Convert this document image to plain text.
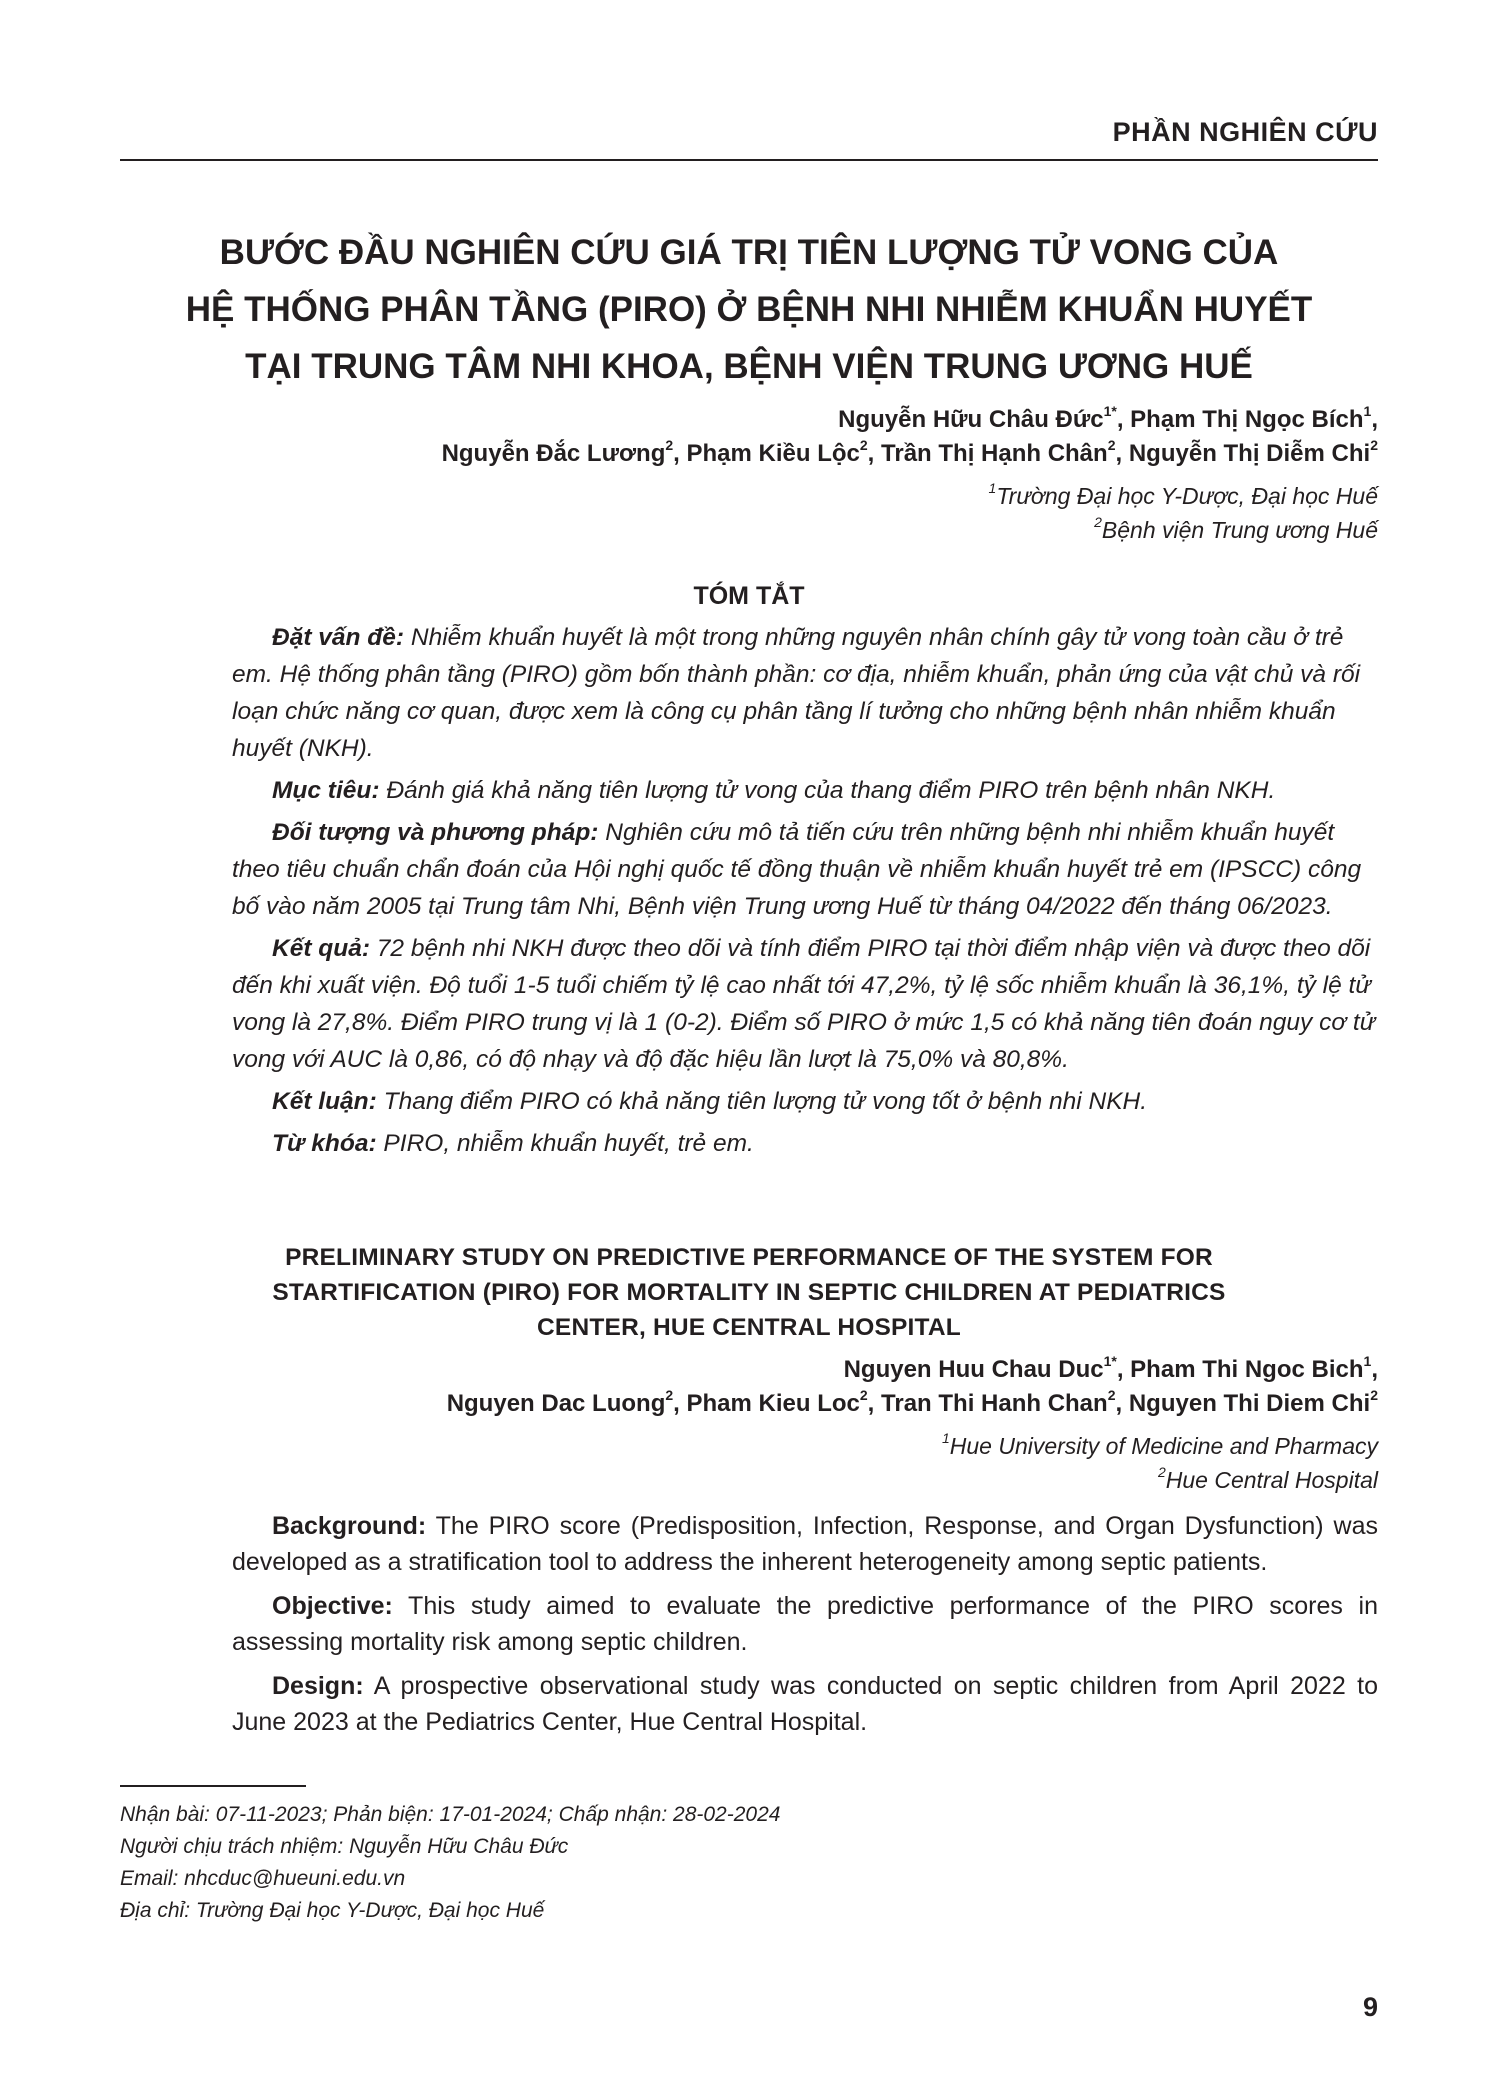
PHẦN NGHIÊN CỨU
BƯỚC ĐẦU NGHIÊN CỨU GIÁ TRỊ TIÊN LƯỢNG TỬ VONG CỦA
HỆ THỐNG PHÂN TẦNG (PIRO) Ở BỆNH NHI NHIỄM KHUẨN HUYẾT
TẠI TRUNG TÂM NHI KHOA, BỆNH VIỆN TRUNG ƯƠNG HUẾ
Nguyễn Hữu Châu Đức$^{1*}$, Phạm Thị Ngọc Bích$^1$,
Nguyễn Đắc Lương$^2$, Phạm Kiều Lộc$^2$, Trần Thị Hạnh Chân$^2$, Nguyễn Thị Diễm Chi$^2$
$^1$Trường Đại học Y-Dược, Đại học Huế
$^2$Bệnh viện Trung ương Huế
TÓM TẮT

Đặt vấn đề: Nhiễm khuẩn huyết là một trong những nguyên nhân chính gây tử vong toàn cầu ở trẻ em. Hệ thống phân tầng (PIRO) gồm bốn thành phần: cơ địa, nhiễm khuẩn, phản ứng của vật chủ và rối loạn chức năng cơ quan, được xem là công cụ phân tầng lí tưởng cho những bệnh nhân nhiễm khuẩn huyết (NKH).

Mục tiêu: Đánh giá khả năng tiên lượng tử vong của thang điểm PIRO trên bệnh nhân NKH.

Đối tượng và phương pháp: Nghiên cứu mô tả tiến cứu trên những bệnh nhi nhiễm khuẩn huyết theo tiêu chuẩn chẩn đoán của Hội nghị quốc tế đồng thuận về nhiễm khuẩn huyết trẻ em (IPSCC) công bố vào năm 2005 tại Trung tâm Nhi, Bệnh viện Trung ương Huế từ tháng 04/2022 đến tháng 06/2023.

Kết quả: 72 bệnh nhi NKH được theo dõi và tính điểm PIRO tại thời điểm nhập viện và được theo dõi đến khi xuất viện. Độ tuổi 1-5 tuổi chiếm tỷ lệ cao nhất tới 47,2%, tỷ lệ sốc nhiễm khuẩn là 36,1%, tỷ lệ tử vong là 27,8%. Điểm PIRO trung vị là 1 (0-2). Điểm số PIRO ở mức 1,5 có khả năng tiên đoán nguy cơ tử vong với AUC là 0,86, có độ nhạy và độ đặc hiệu lần lượt là 75,0% và 80,8%.

Kết luận: Thang điểm PIRO có khả năng tiên lượng tử vong tốt ở bệnh nhi NKH.

Từ khóa: PIRO, nhiễm khuẩn huyết, trẻ em.

PRELIMINARY STUDY ON PREDICTIVE PERFORMANCE OF THE SYSTEM FOR
STARTIFICATION (PIRO) FOR MORTALITY IN SEPTIC CHILDREN AT PEDIATRICS
CENTER, HUE CENTRAL HOSPITAL
Nguyen Huu Chau Duc$^{1*}$, Pham Thi Ngoc Bich$^1$,
Nguyen Dac Luong$^2$, Pham Kieu Loc$^2$, Tran Thi Hanh Chan$^2$, Nguyen Thi Diem Chi$^2$
$^1$Hue University of Medicine and Pharmacy
$^2$Hue Central Hospital

Background: The PIRO score (Predisposition, Infection, Response, and Organ Dysfunction) was developed as a stratification tool to address the inherent heterogeneity among septic patients.

Objective: This study aimed to evaluate the predictive performance of the PIRO scores in assessing mortality risk among septic children.

Design: A prospective observational study was conducted on septic children from April 2022 to June 2023 at the Pediatrics Center, Hue Central Hospital.

Nhận bài: 07-11-2023; Phản biện: 17-01-2024; Chấp nhận: 28-02-2024
Người chịu trách nhiệm: Nguyễn Hữu Châu Đức
Email: nhcduc@hueuni.edu.vn
Địa chỉ: Trường Đại học Y-Dược, Đại học Huế
9
